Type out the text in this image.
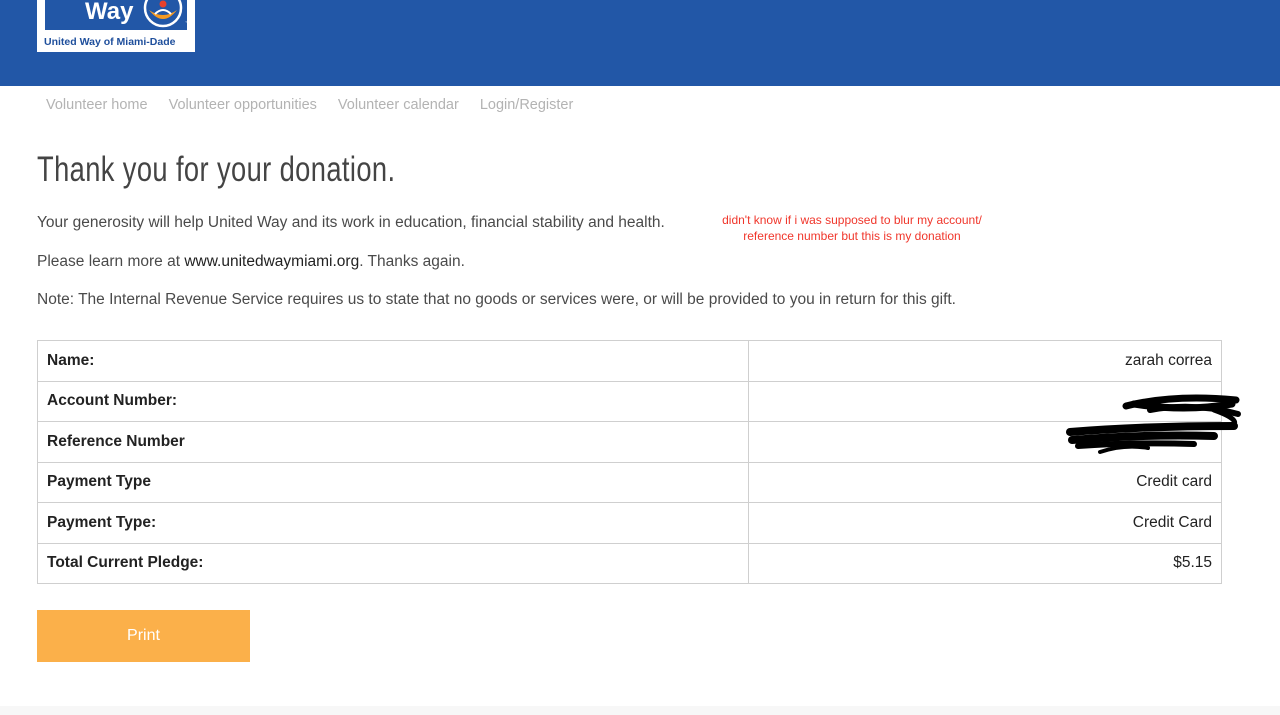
Way	™
United Way of Miami-Dade
Volunteer home Volunteer opportunities Volunteer calendar Login/Register
Thank you for your donation.

Your generosity will help United Way and its work in education, financial stability and health.

Please learn more at www.unitedwaymiami.org. Thanks again.

Note: The Internal Revenue Service requires us to state that no goods or services were, or will be provided to you in return for this gift.

didn't know if i was supposed to blur my account/
reference number but this is my donation
Name:	zarah correa
Account Number:	
Reference Number	
Payment Type	Credit card
Payment Type:	Credit Card
Total Current Pledge:	$5.15
Print
